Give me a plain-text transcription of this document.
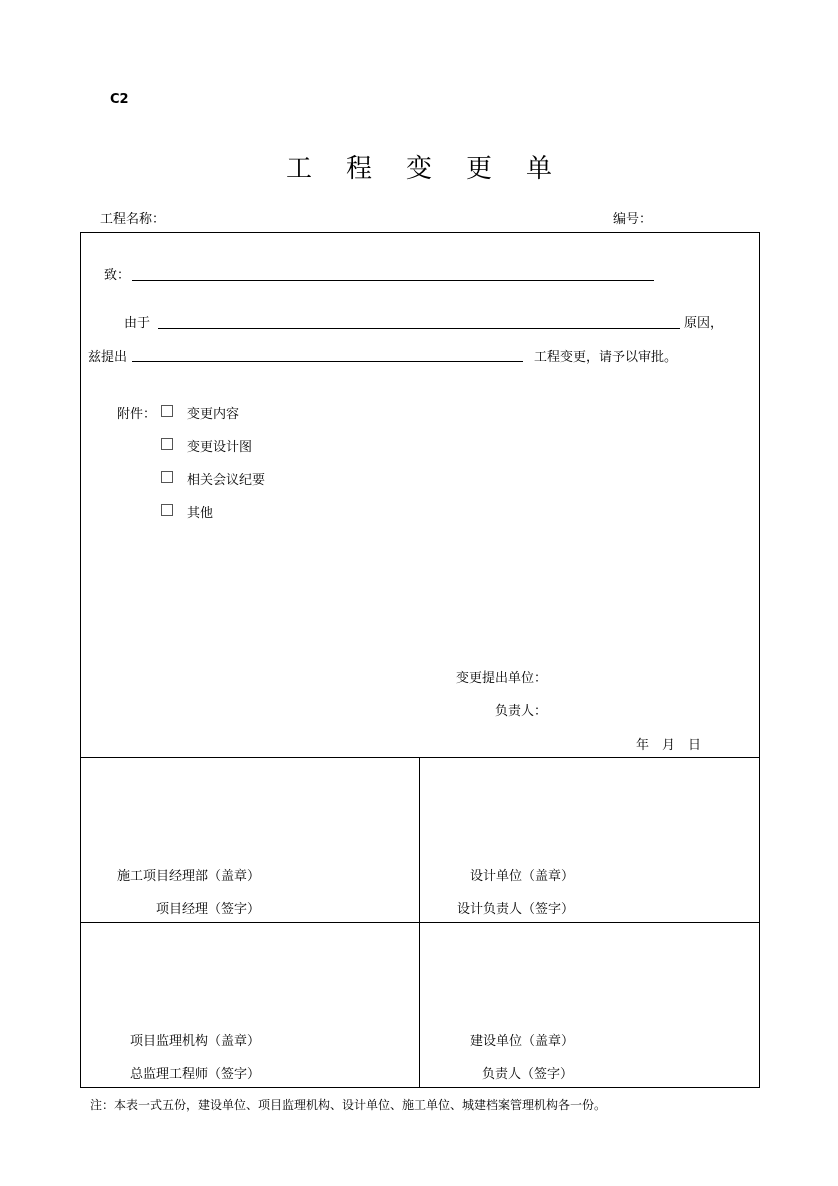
C2
工 程 变 更 单
工程名称：	编号：
致：
由于	原因，
兹提出	工程变更，请予以审批。
附件： 变更内容
变更设计图
相关会议纪要
其他
变更提出单位：
负责人：
年　月　日
施工项目经理部（盖章）
项目经理（签字）
设计单位（盖章）
设计负责人（签字）
项目监理机构（盖章）
总监理工程师（签字）
建设单位（盖章）
负责人（签字）
注：本表一式五份，建设单位、项目监理机构、设计单位、施工单位、城建档案管理机构各一份。
